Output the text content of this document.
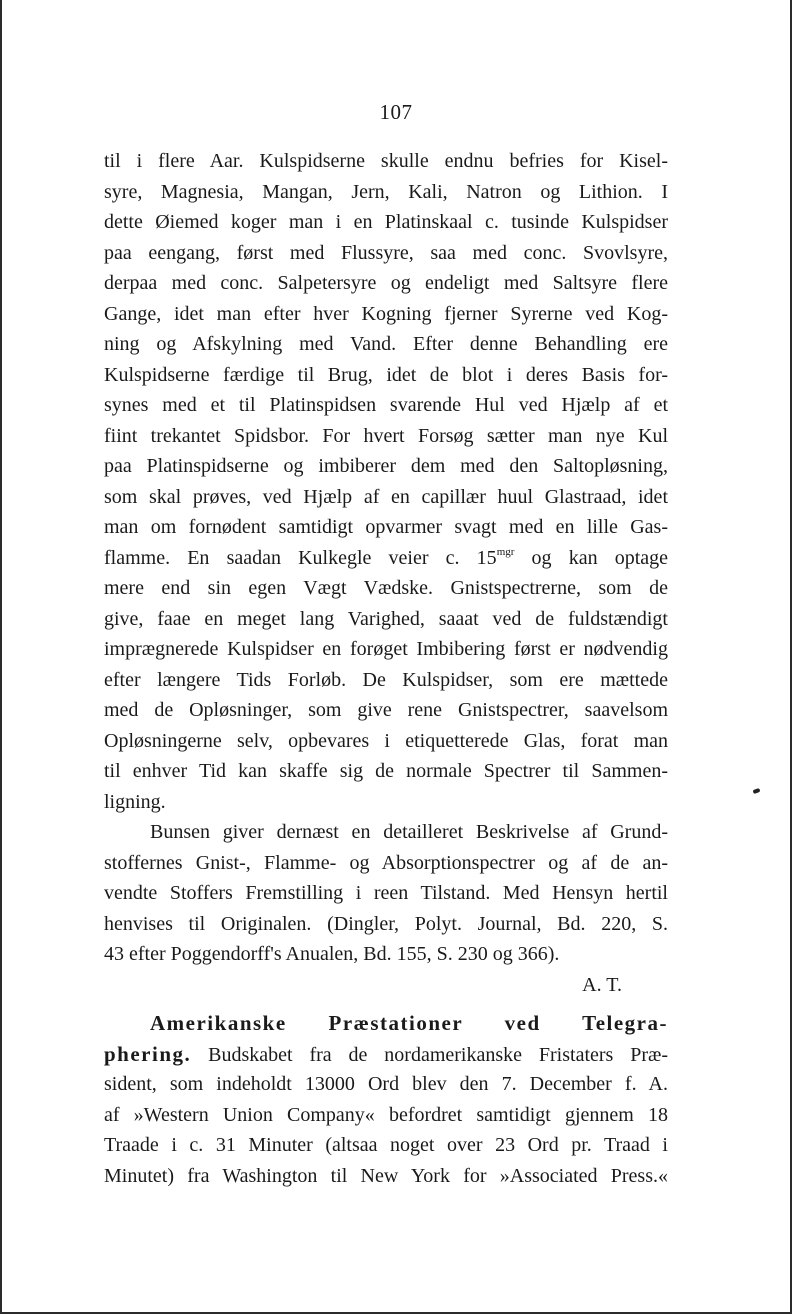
107
til i flere Aar. Kulspidserne skulle endnu befries for Kisel-
syre, Magnesia, Mangan, Jern, Kali, Natron og Lithion. I
dette Øiemed koger man i en Platinskaal c. tusinde Kulspidser
paa eengang, først med Flussyre, saa med conc. Svovlsyre,
derpaa med conc. Salpetersyre og endeligt med Saltsyre flere
Gange, idet man efter hver Kogning fjerner Syrerne ved Kog-
ning og Afskylning med Vand. Efter denne Behandling ere
Kulspidserne færdige til Brug, idet de blot i deres Basis for-
synes med et til Platinspidsen svarende Hul ved Hjælp af et
fiint trekantet Spidsbor. For hvert Forsøg sætter man nye Kul
paa Platinspidserne og imbiberer dem med den Saltopløsning,
som skal prøves, ved Hjælp af en capillær huul Glastraad, idet
man om fornødent samtidigt opvarmer svagt med en lille Gas-
flamme. En saadan Kulkegle veier c. $15^{mgr}$ og kan optage
mere end sin egen Vægt Vædske. Gnistspectrerne, som de
give, faae en meget lang Varighed, saaat ved de fuldstændigt
imprægnerede Kulspidser en forøget Imbibering først er nødvendig
efter længere Tids Forløb. De Kulspidser, som ere mættede
med de Opløsninger, som give rene Gnistspectrer, saavelsom
Opløsningerne selv, opbevares i etiquetterede Glas, forat man
til enhver Tid kan skaffe sig de normale Spectrer til Sammen-
ligning.
Bunsen giver dernæst en detailleret Beskrivelse af Grund-
stoffernes Gnist-, Flamme- og Absorptionspectrer og af de an-
vendte Stoffers Fremstilling i reen Tilstand. Med Hensyn hertil
henvises til Originalen. (Dingler, Polyt. Journal, Bd. 220, S.
43 efter Poggendorff's Anualen, Bd. 155, S. 230 og 366).
A. T.
Amerikanske Præstationer ved Telegra-
phering. Budskabet fra de nordamerikanske Fristaters Præ-
sident, som indeholdt 13000 Ord blev den 7. December f. A.
af »Western Union Company« befordret samtidigt gjennem 18
Traade i c. 31 Minuter (altsaa noget over 23 Ord pr. Traad i
Minutet) fra Washington til New York for »Associated Press.«
